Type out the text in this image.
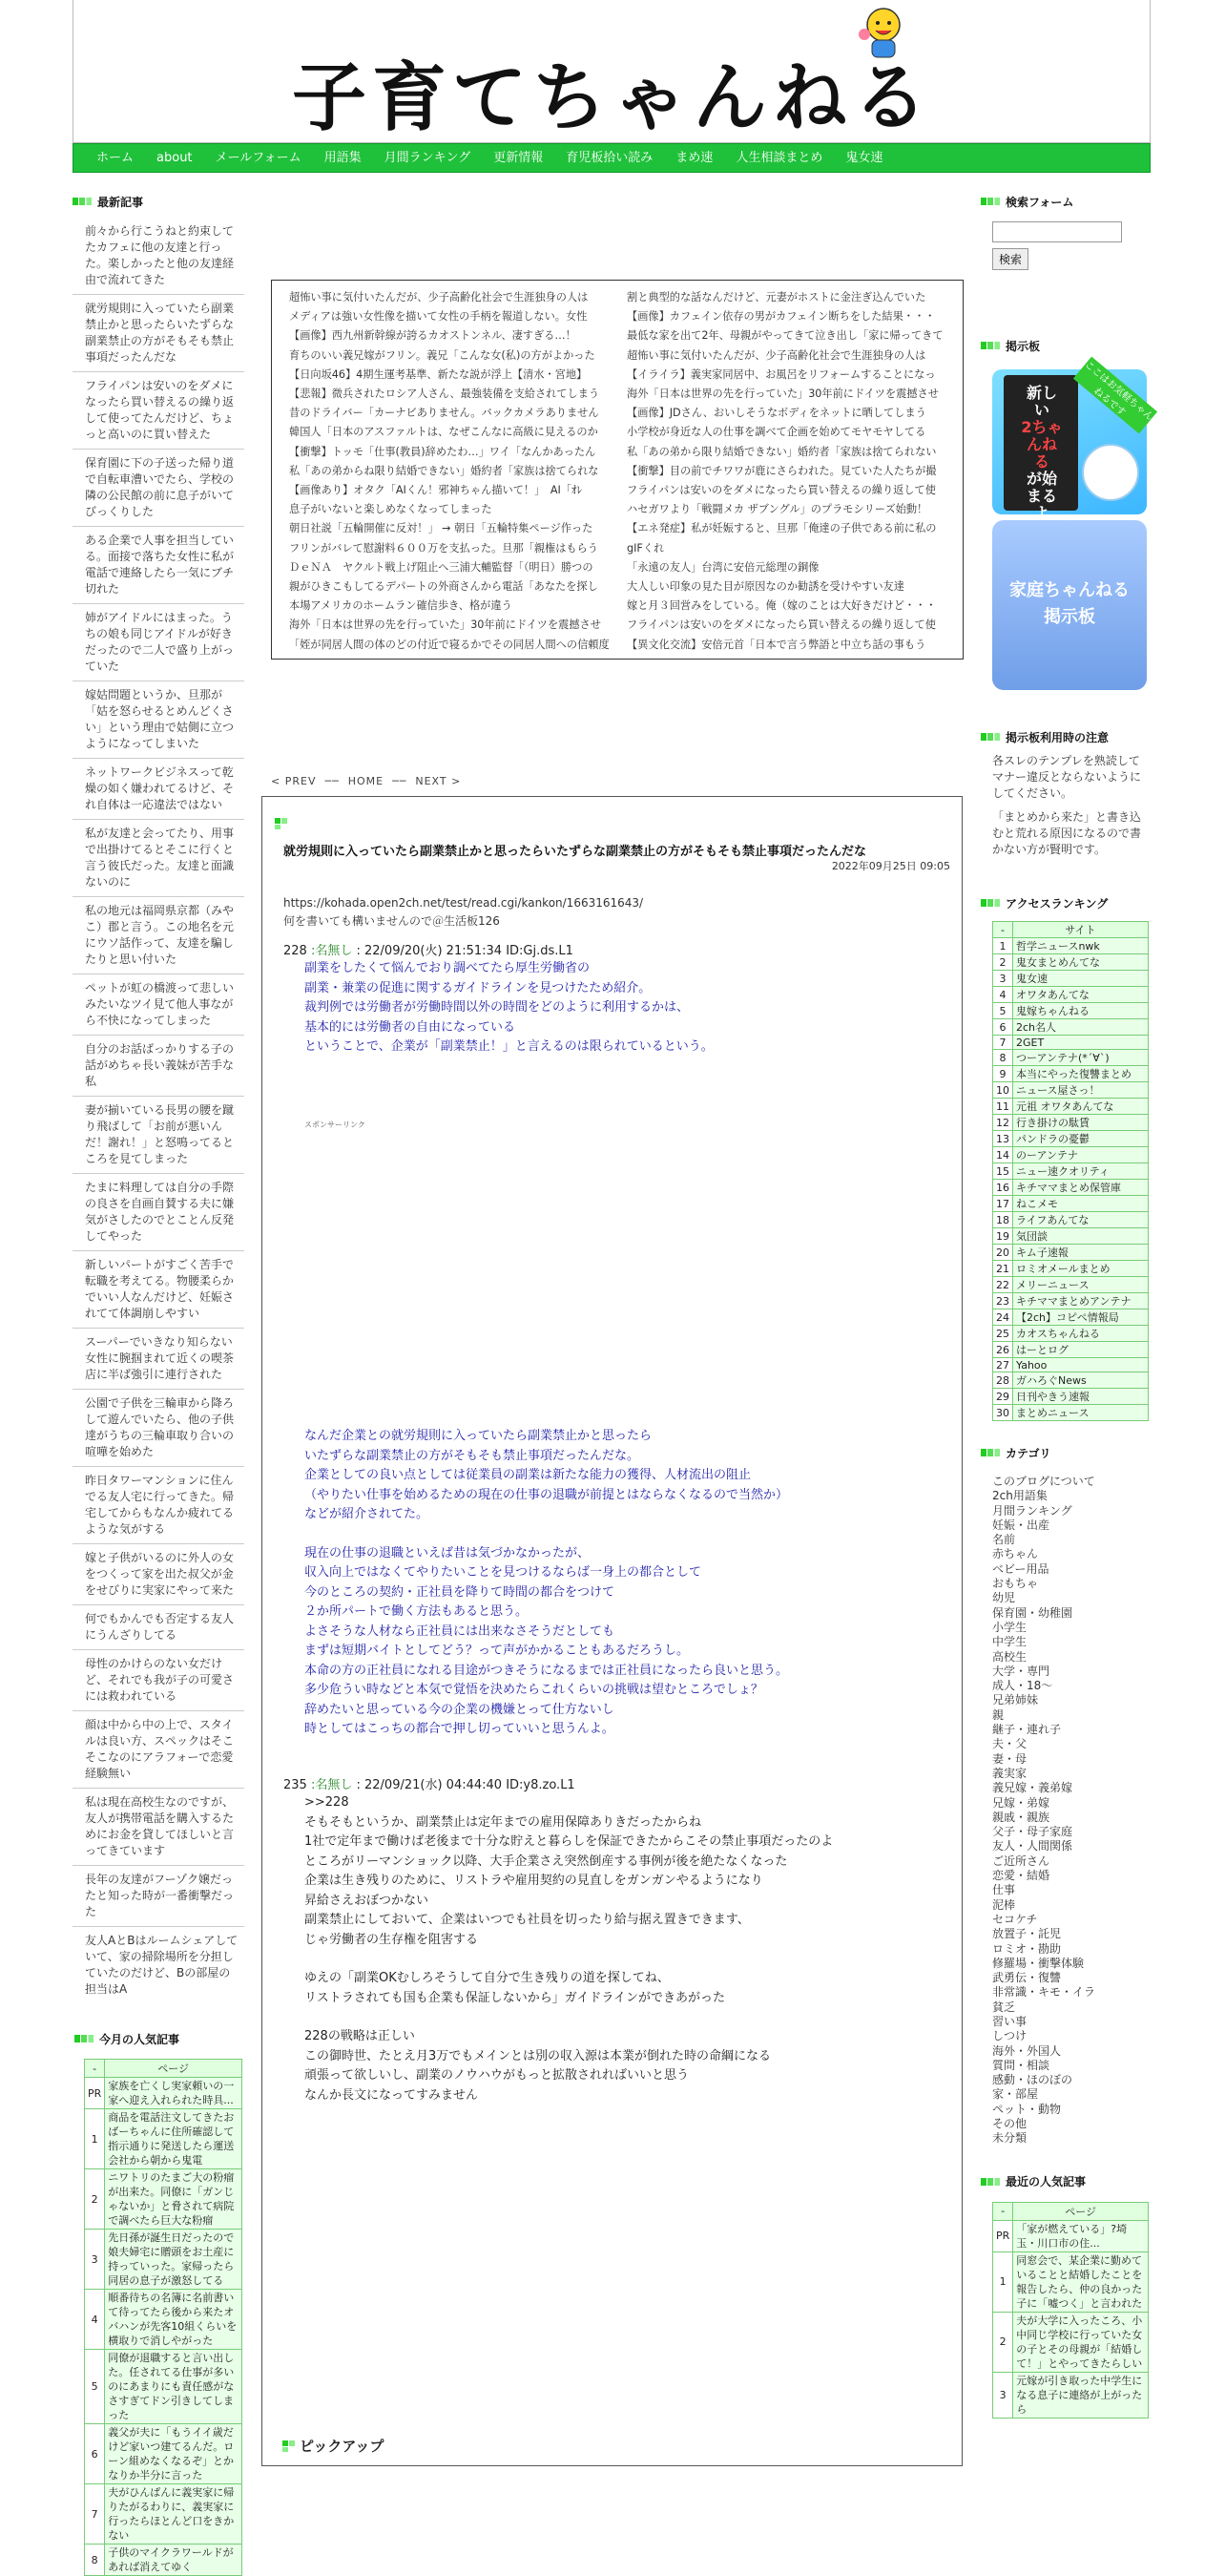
子育てちゃんねる
ホーム	about	メールフォーム	用語集	月間ランキング	更新情報	育児板拾い読み	まめ速	人生相談まとめ	鬼女速
最新記事
前々から行こうねと約束してたカフェに他の友達と行った。楽しかったと他の友達経由で流れてきた
就労規則に入っていたら副業禁止かと思ったらいたずらな副業禁止の方がそもそも禁止事項だったんだな
フライパンは安いのをダメになったら買い替えるの繰り返して使ってたんだけど、ちょっと高いのに買い替えた
保育園に下の子送った帰り道で自転車漕いでたら、学校の隣の公民館の前に息子がいてびっくりした
ある企業で人事を担当している。面接で落ちた女性に私が電話で連絡したら一気にブチ切れた
姉がアイドルにはまった。うちの娘も同じアイドルが好きだったので二人で盛り上がっていた
嫁姑問題というか、旦那が「姑を怒らせるとめんどくさい」という理由で姑側に立つようになってしまいた
ネットワークビジネスって乾燥の如く嫌われてるけど、それ自体は一応違法ではない
私が友達と会ってたり、用事で出掛けてるとそこに行くと言う彼氏だった。友達と面識ないのに
私の地元は福岡県京都（みやこ）郡と言う。この地名を元にウソ話作って、友達を騙したりと思い付いた
ペットが虹の橋渡って悲しいみたいなツイ見て他人事ながら不快になってしまった
自分のお話ばっかりする子の話がめちゃ長い義妹が苦手な私
妻が揃いている長男の腰を蹴り飛ばして「お前が悪いんだ！謝れ！」と怒鳴ってるところを見てしまった
たまに料理しては自分の手際の良さを自画自賛する夫に嫌気がさしたのでとことん反発してやった
新しいパートがすごく苦手で転職を考えてる。物腰柔らかでいい人なんだけど、妊娠されてて体調崩しやすい
スーパーでいきなり知らない女性に腕掴まれて近くの喫茶店に半ば強引に連行された
公園で子供を三輪車から降ろして遊んでいたら、他の子供達がうちの三輪車取り合いの喧嘩を始めた
昨日タワーマンションに住んでる友人宅に行ってきた。帰宅してからもなんか疲れてるような気がする
嫁と子供がいるのに外人の女をつくって家を出た叔父が金をせびりに実家にやって来た
何でもかんでも否定する友人にうんざりしてる
母性のかけらのない女だけど、それでも我が子の可愛さには救われている
顔は中から中の上で、スタイルは良い方、スペックはそこそこなのにアラフォーで恋愛経験無い
私は現在高校生なのですが、友人が携帯電話を購入するためにお金を貸してほしいと言ってきています
長年の友達がフーゾク嬢だったと知った時が一番衝撃だった
友人AとBはルームシェアしていて、家の掃除場所を分担していたのだけど、Bの部屋の担当はA
今月の人気記事
-	ページ
PR	家族を亡くし実家頼いの一家へ迎え入れられた時具...
1	商品を電話注文してきたおばーちゃんに住所確認して指示通りに発送したら運送会社から朝から鬼電
2	ニワトリのたまご大の粉瘤が出来た。同僚に「ガンじゃないか」と脅されて病院で調べたら巨大な粉瘤
3	先日孫が誕生日だったので娘夫婦宅に贈頭をお土産に持っていった。家帰ったら同居の息子が激怒してる
4	順番待ちの名簿に名前書いて待ってたら後から来たオバハンが先客10組くらいを横取りで消しやがった
5	同僚が退職すると言い出した。任されてる仕事が多いのにあまりにも責任感がなさすぎてドン引きしてしまった
6	義父が夫に「もうイイ歳だけど家いつ建てるんだ。ローン組めなくなるぞ」とかなりか半分に言った
7	夫がひんぱんに義実家に帰りたがるわりに、義実家に行ったらほとんど口をきかない
8	子供のマイクラワールドがあれば消えてゆく
超怖い事に気付いたんだが、少子高齢化社会で生涯独身の人は
メディアは強い女性像を描いて女性の手柄を報道しない。女性
【画像】西九州新幹線が誇るカオストンネル、凄すぎる…！
育ちのいい義兄嫁がフリン。義兄「こんな女(私)の方がよかった
【日向坂46】4期生運考基準、新たな説が浮上【清水・宮地】
【悲報】微兵されたロシア人さん、最強装備を支給されてしまう
昔のドライバー「カーナビありません。バックカメラありません
韓国人「日本のアスファルトは、なぜこんなに高級に見えるのか
【衝撃】トッモ「仕事(教員)辞めたわ…」ワイ「なんかあったん
私「あの弟からね限り結婚できない」婚約者「家族は捨てられな
【画像あり】オタク「AIくん！邪神ちゃん描いて！」　AI「ｵﾚ
息子がいないと楽しめなくなってしまった
朝日社説「五輪開催に反対！」 → 朝日「五輪特集ページ作った
フリンがバレて慰謝料６００万を支払った。旦那「親権はもらう
ＤｅＮＡ　ヤクルト戦上げ阻止へ三浦大輔監督「（明日）勝つの
親がひきこもしてるデパートの外商さんから電話「あなたを探し
本場アメリカのホームラン確信歩き、格が違う
海外「日本は世界の先を行っていた」30年前にドイツを震撼させ
「姪が同居人間の体のどの付近で寝るかでその同居人間への信頼度
割と典型的な話なんだけど、元妻がホストに金注ぎ込んでいた
【画像】カフェイン依存の男がカフェイン断ちをした結果・・・
最低な家を出て2年、母親がやってきて泣き出し「家に帰ってきて
超怖い事に気付いたんだが、少子高齢化社会で生涯独身の人は
【イライラ】義実家同居中、お風呂をリフォームすることになっ
海外「日本は世界の先を行っていた」30年前にドイツを震撼させ
【画像】JDさん、おいしそうなボディをネットに晒してしまう
小学校が身近な人の仕事を調べて企画を始めてモヤモヤしてる
私「あの弟から限り結婚できない」婚約者「家族は捨てられない
【衝撃】目の前でチワワが鹿にさらわれた。見ていた人たちが撮
フライパンは安いのをダメになったら買い替えるの繰り返して使
ハセガワより「戦闘メカ ザブングル」のプラモシリーズ始動！
【エネ発症】私が妊娠すると、旦那「俺達の子供である前に私の
gIFくれ
「永遠の友人」台湾に安倍元総理の銅像
大人しい印象の見た目が原因なのか勧誘を受けやすい友達
嫁と月３回営みをしている。俺（嫁のことは大好きだけど・・・
フライパンは安いのをダメになったら買い替えるの繰り返して使
【異文化交流】安倍元首「日本で言う弊語と中立ち話の事もう
< PREV  ──  HOME  ──  NEXT >
就労規則に入っていたら副業禁止かと思ったらいたずらな副業禁止の方がそもそも禁止事項だったんだな
2022年09月25日 09:05
https://kohada.open2ch.net/test/read.cgi/kankon/1663161643/
何を書いても構いませんので＠生活板126
228 :名無し : 22/09/20(火) 21:51:34 ID:Gj.ds.L1
副業をしたくて悩んでおり調べてたら厚生労働省の
副業・兼業の促進に関するガイドラインを見つけたため紹介。
裁判例では労働者が労働時間以外の時間をどのように利用するかは、
基本的には労働者の自由になっている
ということで、企業が「副業禁止！」と言えるのは限られているという。
スポンサーリンク
なんだ企業との就労規則に入っていたら副業禁止かと思ったら
いたずらな副業禁止の方がそもそも禁止事項だったんだな。
企業としての良い点としては従業員の副業は新たな能力の獲得、人材流出の阻止
（やりたい仕事を始めるための現在の仕事の退職が前提とはならなくなるので当然か）
などが紹介されてた。
現在の仕事の退職といえば昔は気づかなかったが、
収入向上ではなくてやりたいことを見つけるならば一身上の都合として
今のところの契約・正社員を降りて時間の都合をつけて
２か所パートで働く方法もあると思う。
よさそうな人材なら正社員には出来なさそうだとしても
まずは短期バイトとしてどう？って声がかかることもあるだろうし。
本命の方の正社員になれる目途がつきそうになるまでは正社員になったら良いと思う。
多少危うい時などと本気で覚悟を決めたらこれくらいの挑戦は望むところでしょ？
辞めたいと思っている今の企業の機嫌とって仕方ないし
時としてはこっちの都合で押し切っていいと思うんよ。
235 :名無し : 22/09/21(水) 04:44:40 ID:y8.zo.L1
>>228
そもそもというか、副業禁止は定年までの雇用保障ありきだったからね
1社で定年まで働けば老後まで十分な貯えと暮らしを保証できたからこその禁止事項だったのよ
ところがリーマンショック以降、大手企業さえ突然倒産する事例が後を絶たなくなった
企業は生き残りのために、リストラや雇用契約の見直しをガンガンやるようになり
昇給さえおぼつかない
副業禁止にしておいて、企業はいつでも社員を切ったり給与据え置きできます、
じゃ労働者の生存権を阻害する
ゆえの「副業OKむしろそうして自分で生き残りの道を探してね、
リストラされても国も企業も保証しないから」ガイドラインができあがった
228の戦略は正しい
この御時世、たとえ月3万でもメインとは別の収入源は本業が倒れた時の命綱になる
頑張って欲しいし、副業のノウハウがもっと拡散されればいいと思う
なんか長文になってすみません
ピックアップ
検索フォーム
検索
掲示板
新しい
2ちゃんねる
が始まるよ
ここはお気軽ちゃんねるです
家庭ちゃんねる
掲示板
掲示板利用時の注意
各スレのテンプレを熟読してマナー違反とならないようにしてください。
「まとめから来た」と書き込むと荒れる原因になるので書かない方が賢明です。
アクセスランキング
-	サイト
1	哲学ニュースnwk
2	鬼女まとめんてな
3	鬼女速
4	オワタあんてな
5	鬼嫁ちゃんねる
6	2ch名人
7	2GET
8	つーアンテナ(*´∀`)
9	本当にやった復讐まとめ
10	ニュース屋さっ！
11	元祖 オワタあんてな
12	行き掛けの駄賃
13	パンドラの憂鬱
14	のーアンテナ
15	ニュー速クオリティ
16	キチママまとめ保管庫
17	ねこメモ
18	ライフあんてな
19	気団談
20	キム子速報
21	ロミオメールまとめ
22	メリーニュース
23	キチママまとめアンテナ
24	【2ch】コピペ情報局
25	カオスちゃんねる
26	はーとログ
27	Yahoo
28	ガハろぐNews
29	日刊やきう速報
30	まとめニュース
カテゴリ
このブログについて
2ch用語集
月間ランキング
妊娠・出産
名前
赤ちゃん
ベビー用品
おもちゃ
幼児
保育園・幼稚園
小学生
中学生
高校生
大学・専門
成人・18～
兄弟姉妹
親
継子・連れ子
夫・父
妻・母
義実家
義兄嫁・義弟嫁
兄嫁・弟嫁
親戚・親族
父子・母子家庭
友人・人間関係
ご近所さん
恋愛・結婚
仕事
泥棒
セコケチ
放置子・託児
ロミオ・勘助
修羅場・衝撃体験
武勇伝・復讐
非常識・キモ・イラ
貧乏
習い事
しつけ
海外・外国人
質問・相談
感動・ほのぼの
家・部屋
ペット・動物
その他
未分類
最近の人気記事
-	ページ
PR	「家が燃えている」?埼玉・川口市の住...
1	同窓会で、某企業に勤めていることと結婚したことを報告したら、仲の良かった子に「嘘つく」と言われた
2	夫が大学に入ったころ、小中同じ学校に行っていた女の子とその母親が「結婚して！」とやってきたらしい
3	元嫁が引き取った中学生になる息子に連絡が上がったら
